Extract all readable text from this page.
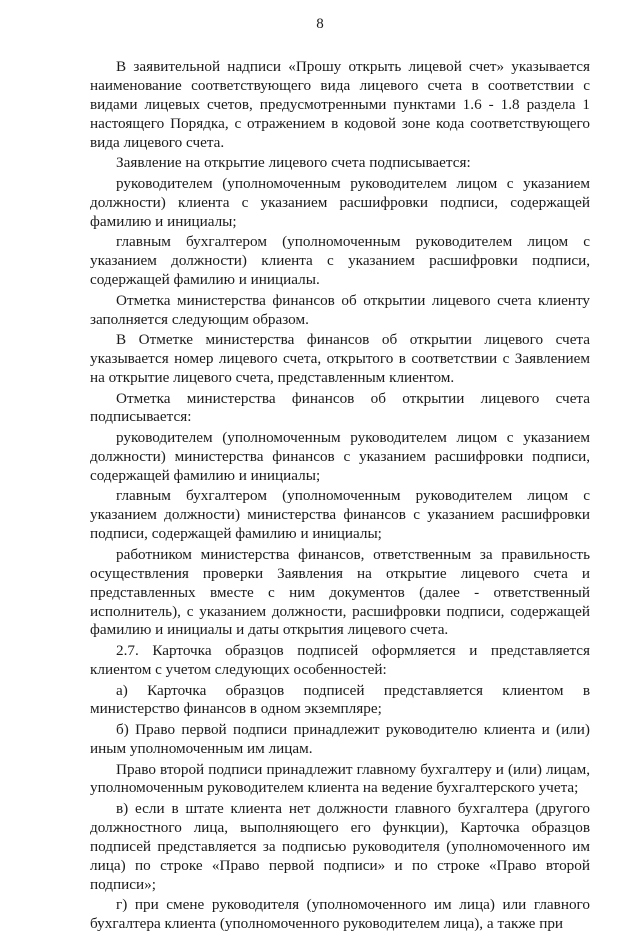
8

В заявительной надписи «Прошу открыть лицевой счет» указывается наименование соответствующего вида лицевого счета в соответствии с видами лицевых счетов, предусмотренными пунктами 1.6 - 1.8 раздела 1 настоящего Порядка, с отражением в кодовой зоне кода соответствующего вида лицевого счета.

Заявление на открытие лицевого счета подписывается:

руководителем (уполномоченным руководителем лицом с указанием должности) клиента с указанием расшифровки подписи, содержащей фамилию и инициалы;

главным бухгалтером (уполномоченным руководителем лицом с указанием должности) клиента с указанием расшифровки подписи, содержащей фамилию и инициалы.

Отметка министерства финансов об открытии лицевого счета клиенту заполняется следующим образом.

В Отметке министерства финансов об открытии лицевого счета указывается номер лицевого счета, открытого в соответствии с Заявлением на открытие лицевого счета, представленным клиентом.

Отметка министерства финансов об открытии лицевого счета подписывается:

руководителем (уполномоченным руководителем лицом с указанием должности) министерства финансов с указанием расшифровки подписи, содержащей фамилию и инициалы;

главным бухгалтером (уполномоченным руководителем лицом с указанием должности) министерства финансов с указанием расшифровки подписи, содержащей фамилию и инициалы;

работником министерства финансов, ответственным за правильность осуществления проверки Заявления на открытие лицевого счета и представленных вместе с ним документов (далее - ответственный исполнитель), с указанием должности, расшифровки подписи, содержащей фамилию и инициалы и даты открытия лицевого счета.

2.7. Карточка образцов подписей оформляется и представляется клиентом с учетом следующих особенностей:

а) Карточка образцов подписей представляется клиентом в министерство финансов в одном экземпляре;

б) Право первой подписи принадлежит руководителю клиента и (или) иным уполномоченным им лицам.

Право второй подписи принадлежит главному бухгалтеру и (или) лицам, уполномоченным руководителем клиента на ведение бухгалтерского учета;

в) если в штате клиента нет должности главного бухгалтера (другого должностного лица, выполняющего его функции), Карточка образцов подписей представляется за подписью руководителя (уполномоченного им лица) по строке «Право первой подписи» и по строке «Право второй подписи»;

г) при смене руководителя (уполномоченного им лица) или главного бухгалтера клиента (уполномоченного руководителем лица), а также при
